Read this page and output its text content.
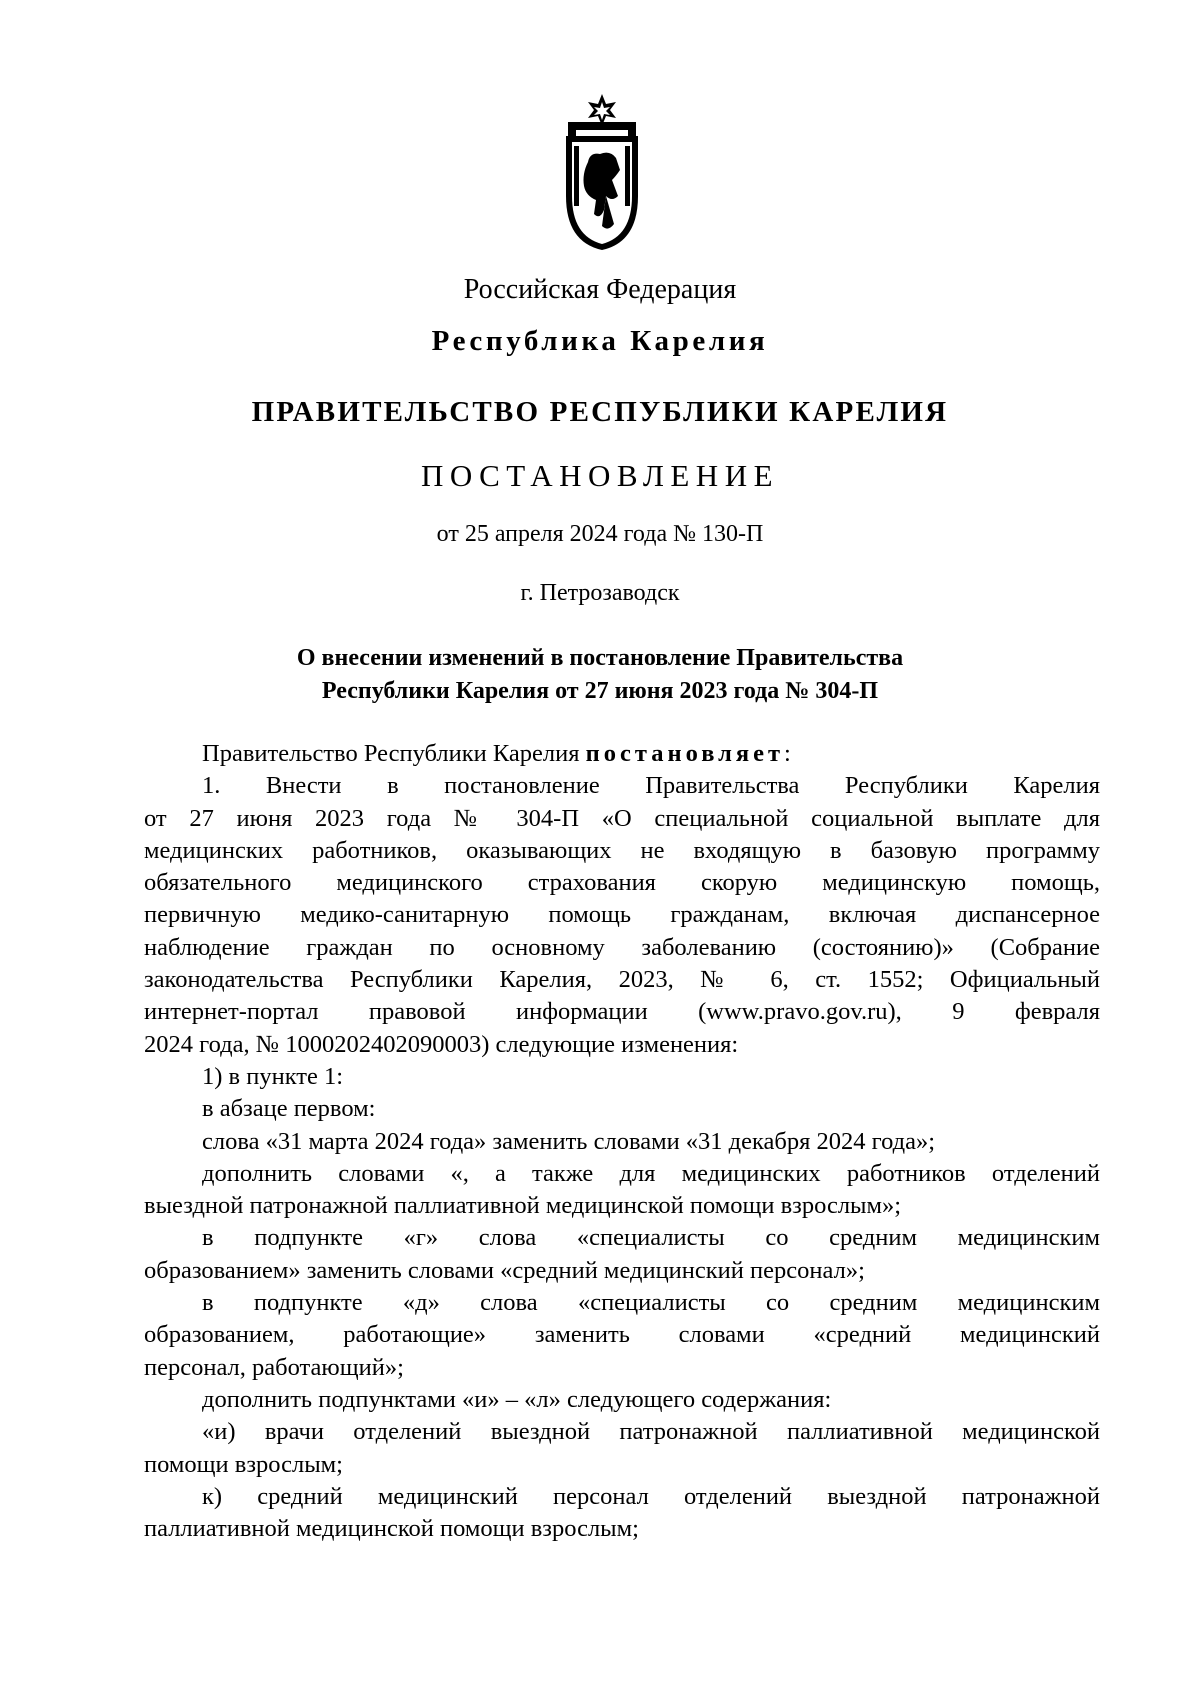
Российская Федерация
Республика Карелия
ПРАВИТЕЛЬСТВО РЕСПУБЛИКИ КАРЕЛИЯ
ПОСТАНОВЛЕНИЕ
от 25 апреля 2024 года № 130-П
г. Петрозаводск
О внесении изменений в постановление Правительства
Республики Карелия от 27 июня 2023 года № 304-П

Правительство Республики Карелия постановляет:

1. Внести в постановление Правительства Республики Карелия

от 27 июня 2023 года № 304-П «О специальной социальной выплате для

медицинских работников, оказывающих не входящую в базовую программу

обязательного медицинского страхования скорую медицинскую помощь,

первичную медико-санитарную помощь гражданам, включая диспансерное

наблюдение граждан по основному заболеванию (состоянию)» (Собрание

законодательства Республики Карелия, 2023, № 6, ст. 1552; Официальный

интернет-портал правовой информации (www.pravo.gov.ru), 9 февраля

2024 года, № 1000202402090003) следующие изменения:

1) в пункте 1:

в абзаце первом:

слова «31 марта 2024 года» заменить словами «31 декабря 2024 года»;

дополнить словами «, а также для медицинских работников отделений

выездной патронажной паллиативной медицинской помощи взрослым»;

в подпункте «г» слова «специалисты со средним медицинским

образованием» заменить словами «средний медицинский персонал»;

в подпункте «д» слова «специалисты со средним медицинским

образованием, работающие» заменить словами «средний медицинский

персонал, работающий»;

дополнить подпунктами «и» – «л» следующего содержания:

«и) врачи отделений выездной патронажной паллиативной медицинской

помощи взрослым;

к) средний медицинский персонал отделений выездной патронажной

паллиативной медицинской помощи взрослым;
